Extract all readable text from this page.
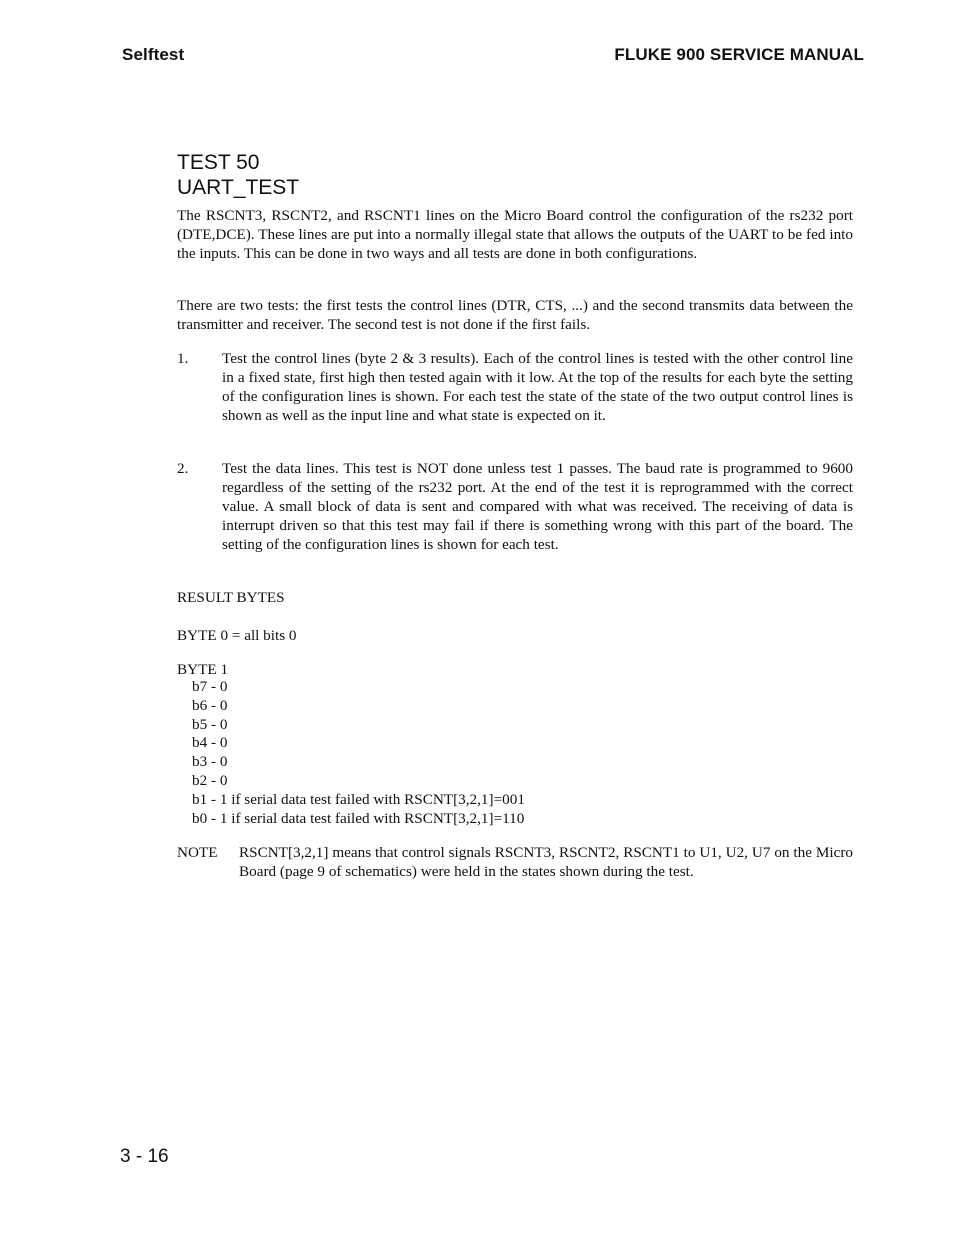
Selftest	FLUKE 900 SERVICE MANUAL
TEST 50
UART_TEST

The RSCNT3, RSCNT2, and RSCNT1 lines on the Micro Board control the configuration of the rs232 port (DTE,DCE). These lines are put into a normally illegal state that allows the outputs of the UART to be fed into the inputs. This can be done in two ways and all tests are done in both configurations.

There are two tests: the first tests the control lines (DTR, CTS, ...) and the second transmits data between the transmitter and receiver. The second test is not done if the first fails.

1. Test the control lines (byte 2 & 3 results). Each of the control lines is tested with the other control line in a fixed state, first high then tested again with it low. At the top of the results for each byte the setting of the configuration lines is shown. For each test the state of the state of the two output control lines is shown as well as the input line and what state is expected on it.

2. Test the data lines. This test is NOT done unless test 1 passes. The baud rate is programmed to 9600 regardless of the setting of the rs232 port. At the end of the test it is reprogrammed with the correct value. A small block of data is sent and compared with what was received. The receiving of data is interrupt driven so that this test may fail if there is something wrong with this part of the board. The setting of the configuration lines is shown for each test.

RESULT BYTES
BYTE 0 = all bits 0
BYTE 1
b7 - 0
b6 - 0
b5 - 0
b4 - 0
b3 - 0
b2 - 0
b1 - 1 if serial data test failed with RSCNT[3,2,1]=001
b0 - 1 if serial data test failed with RSCNT[3,2,1]=110
NOTE RSCNT[3,2,1] means that control signals RSCNT3, RSCNT2, RSCNT1 to U1, U2, U7 on the Micro Board (page 9 of schematics) were held in the states shown during the test.

3 - 16
